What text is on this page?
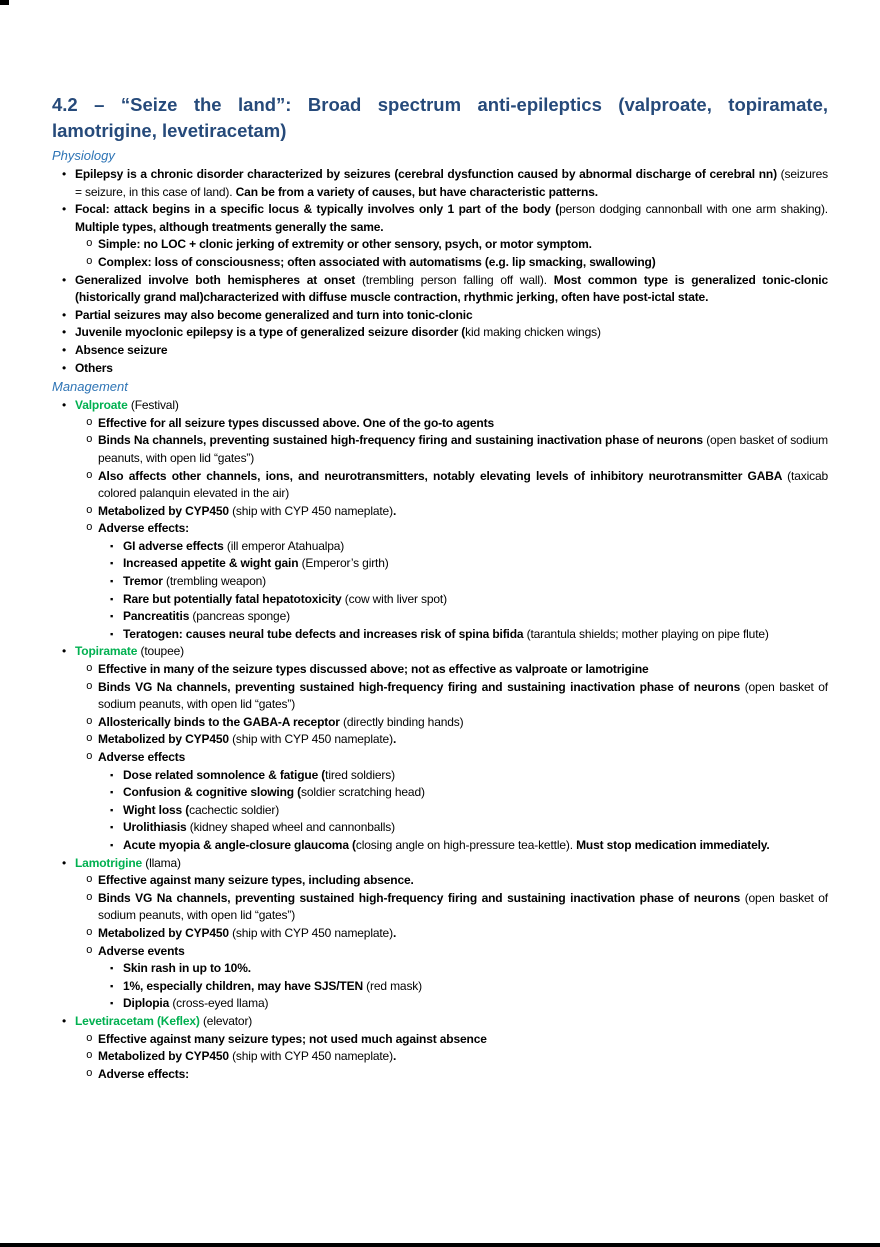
4.2 – “Seize the land”: Broad spectrum anti-epileptics (valproate, topiramate, lamotrigine, levetiracetam)
Physiology
• Epilepsy is a chronic disorder characterized by seizures (cerebral dysfunction caused by abnormal discharge of cerebral nn) (seizures = seizure, in this case of land). Can be from a variety of causes, but have characteristic patterns.
• Focal: attack begins in a specific locus & typically involves only 1 part of the body (person dodging cannonball with one arm shaking). Multiple types, although treatments generally the same.
o Simple: no LOC + clonic jerking of extremity or other sensory, psych, or motor symptom.
o Complex: loss of consciousness; often associated with automatisms (e.g. lip smacking, swallowing)
• Generalized involve both hemispheres at onset (trembling person falling off wall). Most common type is generalized tonic-clonic (historically grand mal)characterized with diffuse muscle contraction, rhythmic jerking, often have post-ictal state.
• Partial seizures may also become generalized and turn into tonic-clonic
• Juvenile myoclonic epilepsy is a type of generalized seizure disorder (kid making chicken wings)
• Absence seizure
• Others
Management
• Valproate (Festival)
o Effective for all seizure types discussed above. One of the go-to agents
o Binds Na channels, preventing sustained high-frequency firing and sustaining inactivation phase of neurons (open basket of sodium peanuts, with open lid “gates”)
o Also affects other channels, ions, and neurotransmitters, notably elevating levels of inhibitory neurotransmitter GABA (taxicab colored palanquin elevated in the air)
o Metabolized by CYP450 (ship with CYP 450 nameplate).
o Adverse effects:
▪ GI adverse effects (ill emperor Atahualpa)
▪ Increased appetite & wight gain (Emperor’s girth)
▪ Tremor (trembling weapon)
▪ Rare but potentially fatal hepatotoxicity (cow with liver spot)
▪ Pancreatitis (pancreas sponge)
▪ Teratogen: causes neural tube defects and increases risk of spina bifida (tarantula shields; mother playing on pipe flute)
• Topiramate (toupee)
o Effective in many of the seizure types discussed above; not as effective as valproate or lamotrigine
o Binds VG Na channels, preventing sustained high-frequency firing and sustaining inactivation phase of neurons (open basket of sodium peanuts, with open lid “gates”)
o Allosterically binds to the GABA-A receptor (directly binding hands)
o Metabolized by CYP450 (ship with CYP 450 nameplate).
o Adverse effects
▪ Dose related somnolence & fatigue (tired soldiers)
▪ Confusion & cognitive slowing (soldier scratching head)
▪ Wight loss (cachectic soldier)
▪ Urolithiasis (kidney shaped wheel and cannonballs)
▪ Acute myopia & angle-closure glaucoma (closing angle on high-pressure tea-kettle). Must stop medication immediately.
• Lamotrigine (llama)
o Effective against many seizure types, including absence.
o Binds VG Na channels, preventing sustained high-frequency firing and sustaining inactivation phase of neurons (open basket of sodium peanuts, with open lid “gates”)
o Metabolized by CYP450 (ship with CYP 450 nameplate).
o Adverse events
▪ Skin rash in up to 10%.
▪ 1%, especially children, may have SJS/TEN (red mask)
▪ Diplopia (cross-eyed llama)
• Levetiracetam (Keflex) (elevator)
o Effective against many seizure types; not used much against absence
o Metabolized by CYP450 (ship with CYP 450 nameplate).
o Adverse effects:
